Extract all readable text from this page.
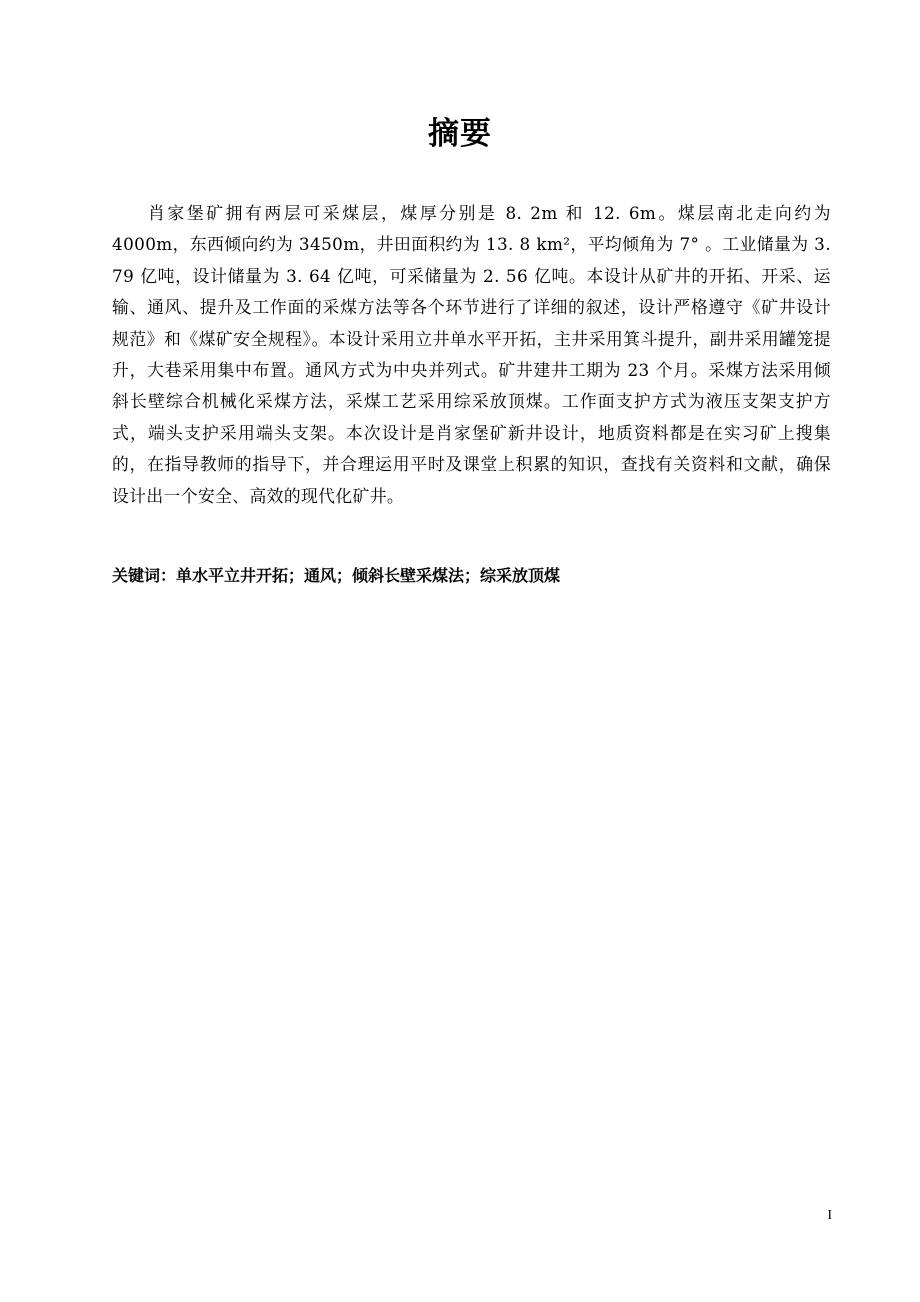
摘要

肖家堡矿拥有两层可采煤层，煤厚分别是 8. 2m 和 12. 6m。煤层南北走向约为 4000m，东西倾向约为 3450m，井田面积约为 13. 8 km²，平均倾角为 7° 。工业储量为 3. 79 亿吨，设计储量为 3. 64 亿吨，可采储量为 2. 56 亿吨。本设计从矿井的开拓、开采、运输、通风、提升及工作面的采煤方法等各个环节进行了详细的叙述，设计严格遵守《矿井设计规范》和《煤矿安全规程》。本设计采用立井单水平开拓，主井采用箕斗提升，副井采用罐笼提升，大巷采用集中布置。通风方式为中央并列式。矿井建井工期为 23 个月。采煤方法采用倾斜长壁综合机械化采煤方法，采煤工艺采用综采放顶煤。工作面支护方式为液压支架支护方式，端头支护采用端头支架。本次设计是肖家堡矿新井设计，地质资料都是在实习矿上搜集的，在指导教师的指导下，并合理运用平时及课堂上积累的知识，查找有关资料和文献，确保设计出一个安全、高效的现代化矿井。

关键词：单水平立井开拓；通风；倾斜长壁采煤法；综采放顶煤
I
